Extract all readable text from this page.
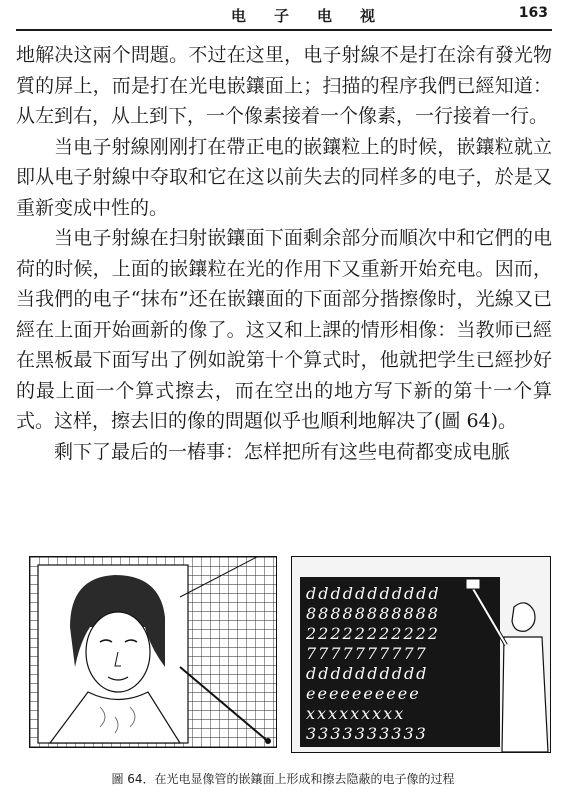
电子电视	163

地解决这兩个問題。不过在这里，电子射線不是打在涂有發光物質的屏上，而是打在光电嵌鑲面上；扫描的程序我們已經知道：从左到右，从上到下，一个像素接着一个像素，一行接着一行。

当电子射線刚刚打在帶正电的嵌鑲粒上的时候，嵌鑲粒就立即从电子射線中夺取和它在这以前失去的同样多的电子，於是又重新变成中性的。

当电子射線在扫射嵌鑲面下面剩余部分而順次中和它們的电荷的时候，上面的嵌鑲粒在光的作用下又重新开始充电。因而，当我們的电子“抹布”还在嵌鑲面的下面部分揩擦像时，光線又已經在上面开始画新的像了。这又和上課的情形相像：当教师已經在黑板最下面写出了例如說第十个算式时，他就把学生已經抄好的最上面一个算式擦去，而在空出的地方写下新的第十一个算式。这样，擦去旧的像的問題似乎也順利地解决了(圖 64)。

剩下了最后的一樁事：怎样把所有这些电荷都变成电脈

ddddddddddd
88888888888
22222222222
7777777777
dddddddddd
eeeeeeeeee
xxxxxxxxx
3333333333
圖 64．在光电显像管的嵌鑲面上形成和擦去隐蔽的电子像的过程
